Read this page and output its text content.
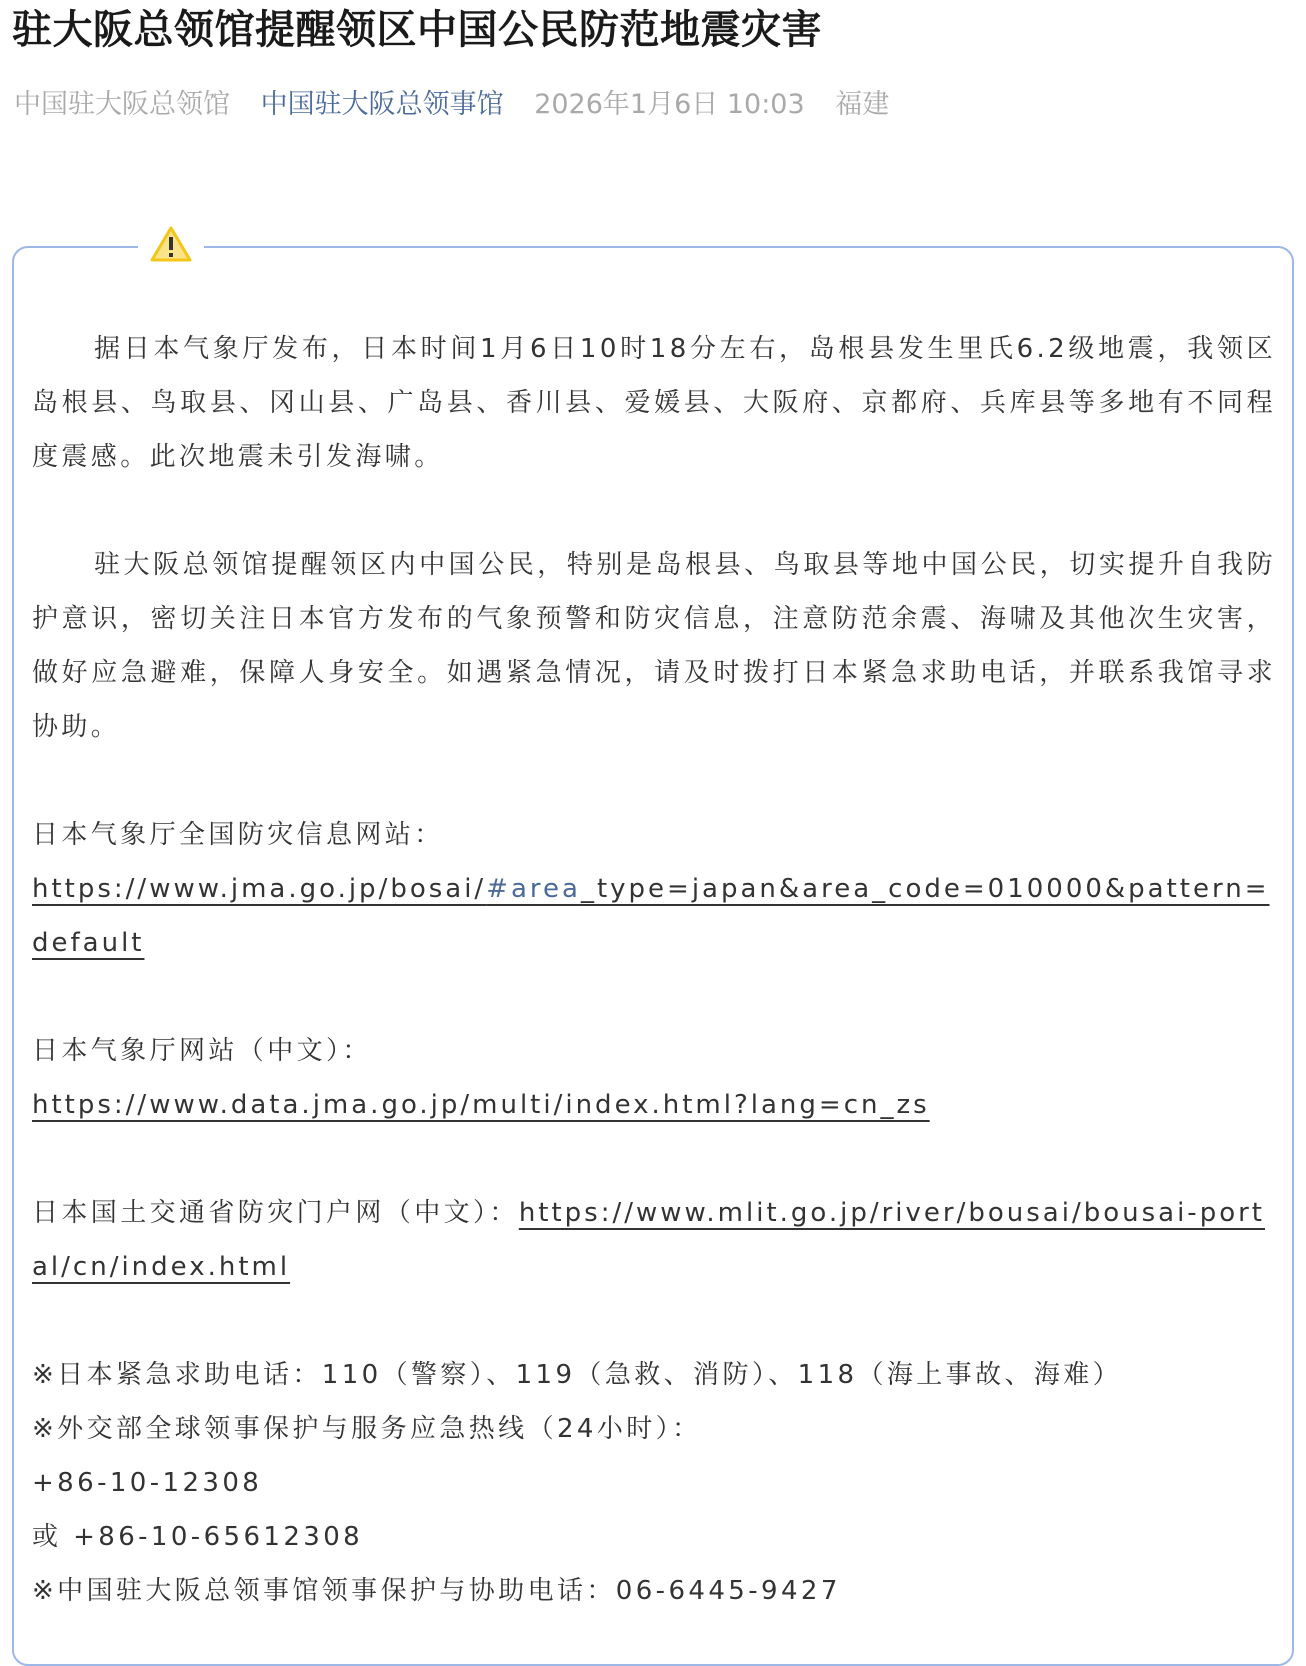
驻大阪总领馆提醒领区中国公民防范地震灾害
中国驻大阪总领馆 中国驻大阪总领事馆 2026年1月6日 10:03 福建

据日本气象厅发布，日本时间1月6日10时18分左右，岛根县发生里氏6.2级地震，我领区岛根县、鸟取县、冈山县、广岛县、香川县、爱媛县、大阪府、京都府、兵库县等多地有不同程度震感。此次地震未引发海啸。

驻大阪总领馆提醒领区内中国公民，特别是岛根县、鸟取县等地中国公民，切实提升自我防护意识，密切关注日本官方发布的气象预警和防灾信息，注意防范余震、海啸及其他次生灾害，做好应急避难，保障人身安全。如遇紧急情况，请及时拨打日本紧急求助电话，并联系我馆寻求协助。

日本气象厅全国防灾信息网站：

https://www.jma.go.jp/bosai/#area_type=japan&area_code=010000&pattern=default

日本气象厅网站（中文）：

https://www.data.jma.go.jp/multi/index.html?lang=cn_zs

日本国土交通省防灾门户网（中文）：https://www.mlit.go.jp/river/bousai/bousai-portal/cn/index.html

※日本紧急求助电话：110（警察）、119（急救、消防）、118（海上事故、海难）

※外交部全球领事保护与服务应急热线（24小时）：

+86-10-12308

或 +86-10-65612308

※中国驻大阪总领事馆领事保护与协助电话：06-6445-9427
